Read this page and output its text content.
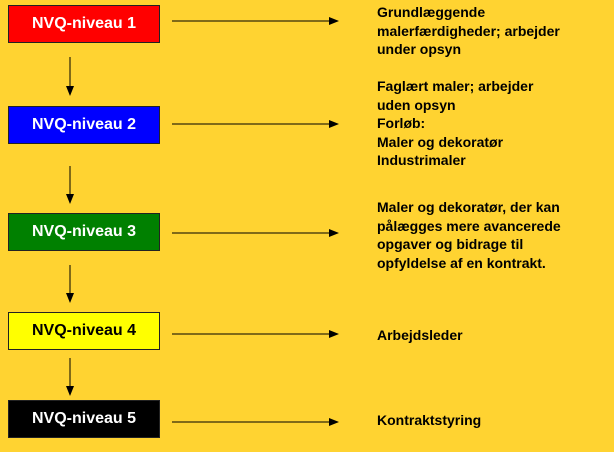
NVQ-niveau 1
NVQ-niveau 2
NVQ-niveau 3
NVQ-niveau 4
NVQ-niveau 5
Grundlæggende
malerfærdigheder; arbejder
under opsyn
Faglært maler; arbejder
uden opsyn
Forløb:
Maler og dekoratør
Industrimaler
Maler og dekoratør, der kan
pålægges mere avancerede
opgaver og bidrage til
opfyldelse af en kontrakt.
Arbejdsleder
Kontraktstyring
